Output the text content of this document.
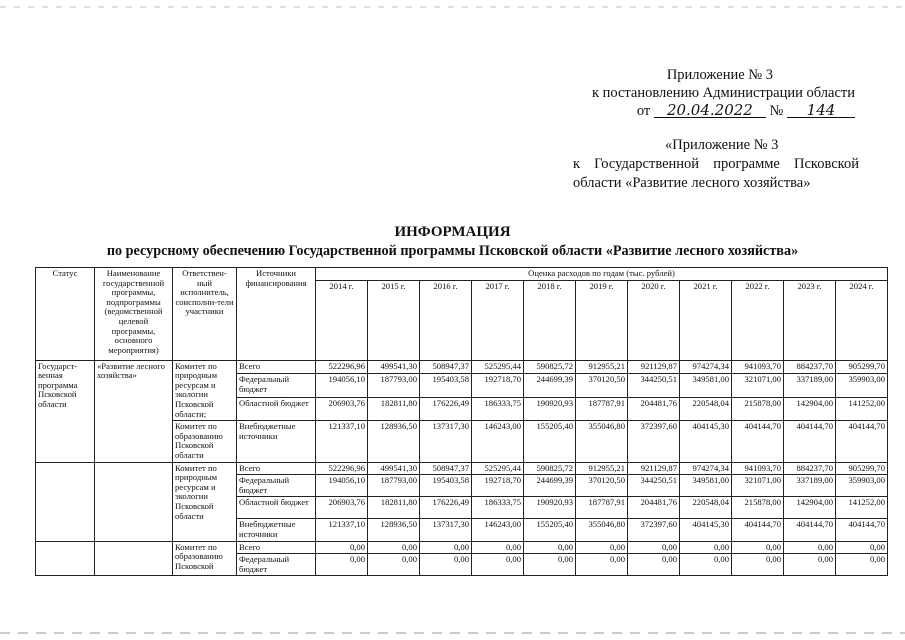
Приложение № 3
к постановлению Администрации области
от 20.04.2022 № 144
«Приложение № 3
к Государственной программе Псковской
области «Развитие лесного хозяйства»
ИНФОРМАЦИЯ
по ресурсному обеспечению Государственной программы Псковской области «Развитие лесного хозяйства»
Статус	Наименование государственной программы, подпрограммы (ведомственной целевой программы, основного мероприятия)	Ответствен-ный исполнитель, соисполни-тели участники	Источники финансирования	Оценка расходов по годам (тыс. рублей)										
				2014 г.	2015 г.	2016 г.	2017 г.	2018 г.	2019 г.	2020 г.	2021 г.	2022 г.	2023 г.	2024 г.
Государст-венная программа Псковской области	«Развитие лесного хозяйства»	Комитет по природным ресурсам и экологии Псковской области;	Всего	522296,96	499541,30	508947,37	525295,44	590825,72	912955,21	921129,87	974274,34	941093,70	884237,70	905299,70
			Федеральный бюджет	194056,10	187793,00	195403,58	192718,70	244699,39	370120,50	344250,51	349581,00	321071,00	337189,00	359903,00
			Областной бюджет	206903,76	182811,80	176226,49	186333,75	190920,93	187787,91	204481,76	220548,04	215878,00	142904,00	141252,00
		Комитет по образованию Псковской области	Внебюджетные источники	121337,10	128936,50	137317,30	146243,00	155205,40	355046,80	372397,60	404145,30	404144,70	404144,70	404144,70
		Комитет по природным ресурсам и экологии Псковской области	Всего	522296,96	499541,30	508947,37	525295,44	590825,72	912955,21	921129,87	974274,34	941093,70	884237,70	905299,70
			Федеральный бюджет	194056,10	187793,00	195403,58	192718,70	244699,39	370120,50	344250,51	349581,00	321071,00	337189,00	359903,00
			Областной бюджет	206903,76	182811,80	176226,49	186333,75	190920,93	187787,91	204481,76	220548,04	215878,00	142904,00	141252,00
			Внебюджетные источники	121337,10	128936,50	137317,30	146243,00	155205,40	355046,80	372397,60	404145,30	404144,70	404144,70	404144,70
		Комитет по образованию Псковской	Всего	0,00	0,00	0,00	0,00	0,00	0,00	0,00	0,00	0,00	0,00	0,00
			Федеральный бюджет	0,00	0,00	0,00	0,00	0,00	0,00	0,00	0,00	0,00	0,00	0,00
